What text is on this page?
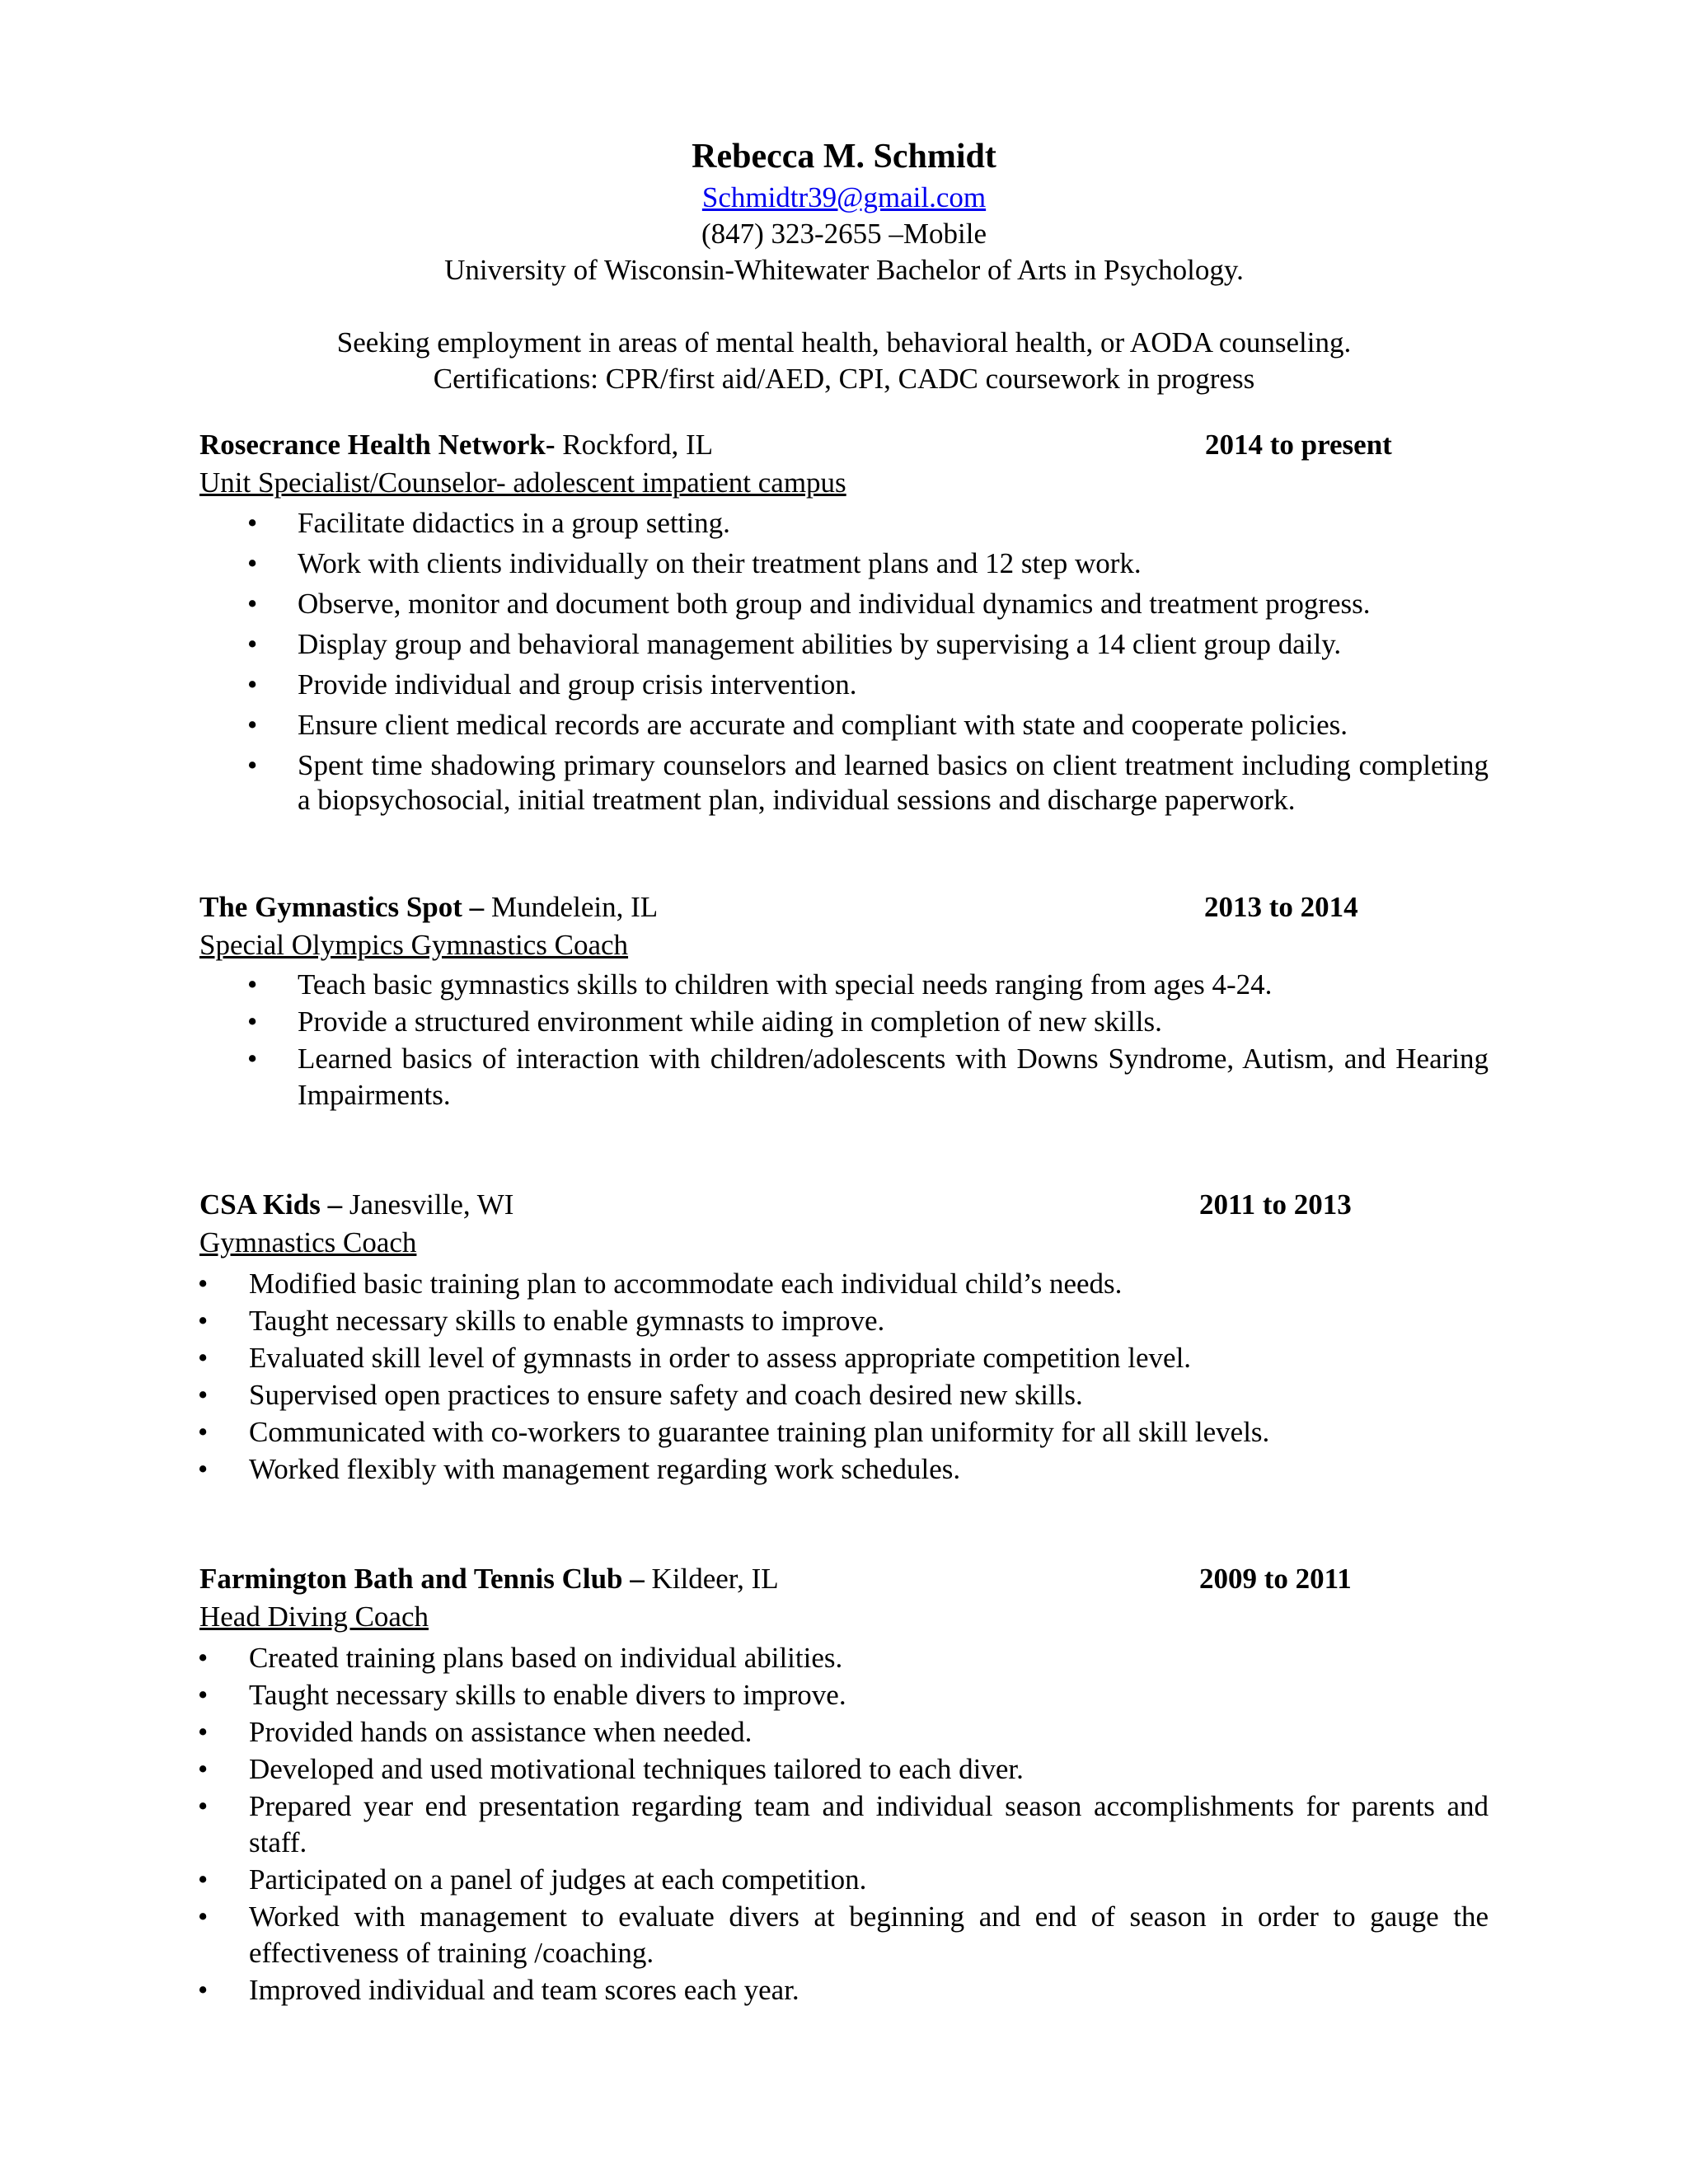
Rebecca M. Schmidt
Schmidtr39@gmail.com
(847) 323-2655 –Mobile
University of Wisconsin-Whitewater Bachelor of Arts in Psychology.
Seeking employment in areas of mental health, behavioral health, or AODA counseling.
Certifications: CPR/first aid/AED, CPI, CADC coursework in progress
Rosecrance Health Network- Rockford, IL	2014 to present
Unit Specialist/Counselor- adolescent impatient campus
• Facilitate didactics in a group setting.
• Work with clients individually on their treatment plans and 12 step work.
• Observe, monitor and document both group and individual dynamics and treatment progress.
• Display group and behavioral management abilities by supervising a 14 client group daily.
• Provide individual and group crisis intervention.
• Ensure client medical records are accurate and compliant with state and cooperate policies.
• Spent time shadowing primary counselors and learned basics on client treatment including completing a biopsychosocial, initial treatment plan, individual sessions and discharge paperwork.
The Gymnastics Spot – Mundelein, IL	2013 to 2014
Special Olympics Gymnastics Coach
• Teach basic gymnastics skills to children with special needs ranging from ages 4-24.
• Provide a structured environment while aiding in completion of new skills.
• Learned basics of interaction with children/adolescents with Downs Syndrome, Autism, and Hearing Impairments.
CSA Kids – Janesville, WI	2011 to 2013
Gymnastics Coach
• Modified basic training plan to accommodate each individual child’s needs.
• Taught necessary skills to enable gymnasts to improve.
• Evaluated skill level of gymnasts in order to assess appropriate competition level.
• Supervised open practices to ensure safety and coach desired new skills.
• Communicated with co-workers to guarantee training plan uniformity for all skill levels.
• Worked flexibly with management regarding work schedules.
Farmington Bath and Tennis Club – Kildeer, IL	2009 to 2011
Head Diving Coach
• Created training plans based on individual abilities.
• Taught necessary skills to enable divers to improve.
• Provided hands on assistance when needed.
• Developed and used motivational techniques tailored to each diver.
• Prepared year end presentation regarding team and individual season accomplishments for parents and staff.
• Participated on a panel of judges at each competition.
• Worked with management to evaluate divers at beginning and end of season in order to gauge the effectiveness of training /coaching.
• Improved individual and team scores each year.
